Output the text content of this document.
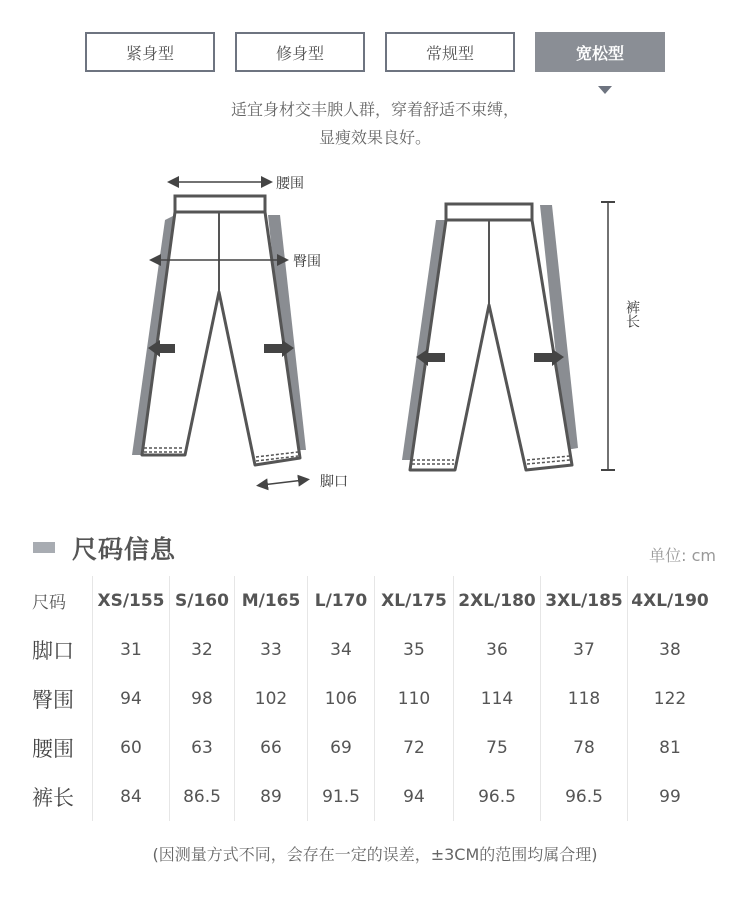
紧身型	修身型	常规型	宽松型
适宜身材交丰腴人群，穿着舒适不束缚，
显瘦效果良好。
腰围
臀围
脚口
裤长
尺码信息	单位: cm
尺码	XS/155	S/160	M/165	L/170	XL/175	2XL/180	3XL/185	4XL/190
脚口	31	32	33	34	35	36	37	38
臀围	94	98	102	106	110	114	118	122
腰围	60	63	66	69	72	75	78	81
裤长	84	86.5	89	91.5	94	96.5	96.5	99
(因测量方式不同，会存在一定的误差，±3CM的范围均属合理)
